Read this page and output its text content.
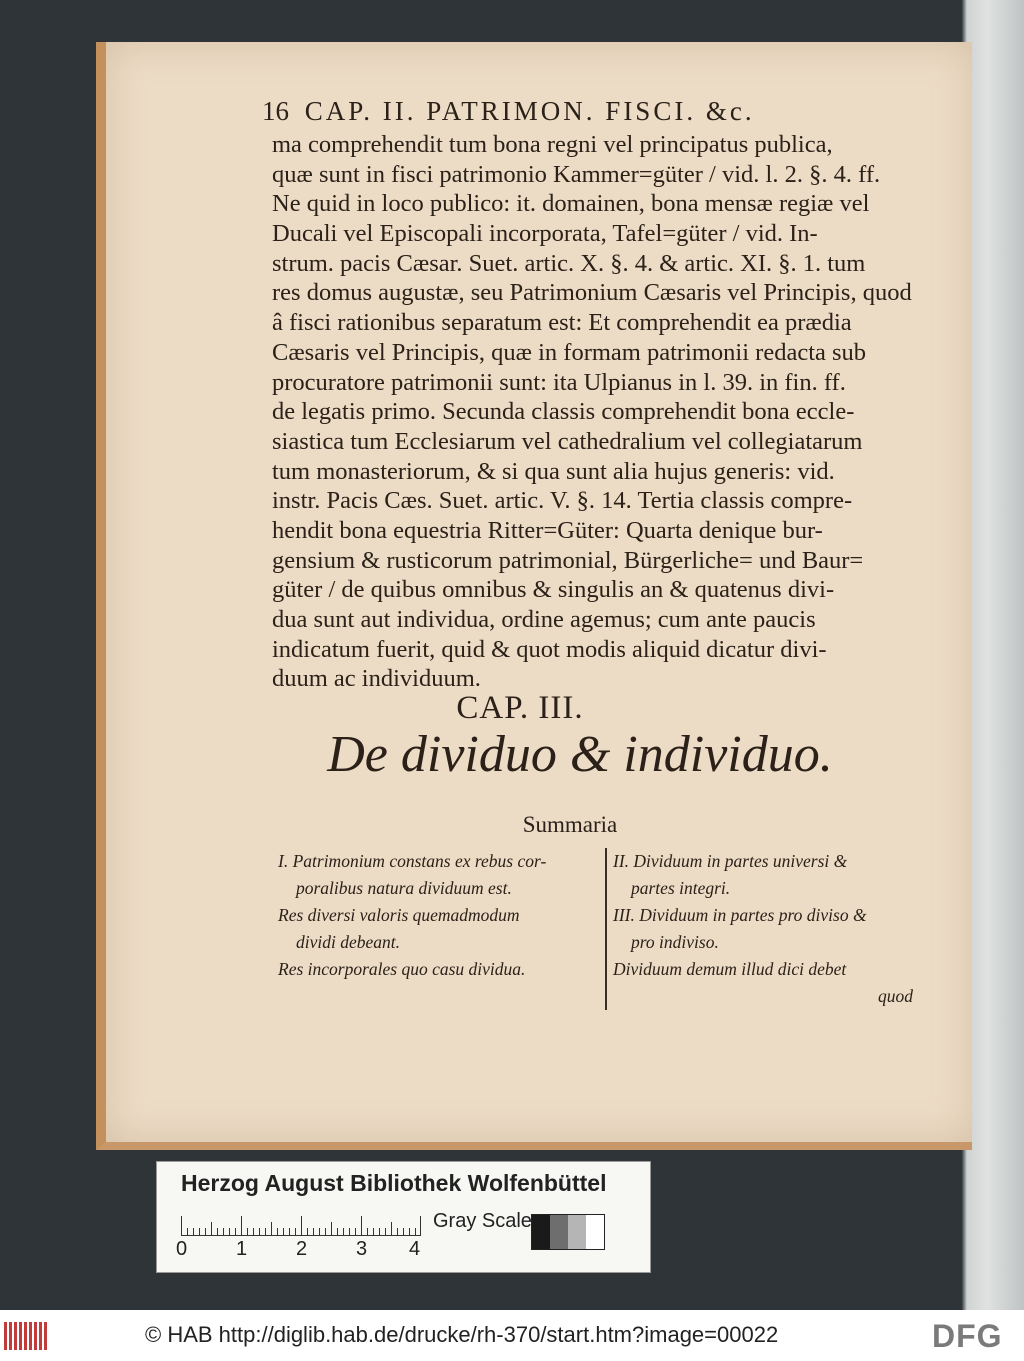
16 CAP. II. PATRIMON. FISCI. &c.
ma comprehendit tum bona regni vel principatus publica,
quæ sunt in fisci patrimonio Kammer=güter / vid. l. 2. §. 4. ff.
Ne quid in loco publico: it. domainen, bona mensæ regiæ vel
Ducali vel Episcopali incorporata, Tafel=güter / vid. In-
strum. pacis Cæsar. Suet. artic. X. §. 4. & artic. XI. §. 1. tum
res domus augustæ, seu Patrimonium Cæsaris vel Principis, quod
â fisci rationibus separatum est: Et comprehendit ea prædia
Cæsaris vel Principis, quæ in formam patrimonii redacta sub
procuratore patrimonii sunt: ita Ulpianus in l. 39. in fin. ff.
de legatis primo. Secunda classis comprehendit bona eccle-
siastica tum Ecclesiarum vel cathedralium vel collegiatarum
tum monasteriorum, & si qua sunt alia hujus generis: vid.
instr. Pacis Cæs. Suet. artic. V. §. 14. Tertia classis compre-
hendit bona equestria Ritter=Güter: Quarta denique bur-
gensium & rusticorum patrimonial, Bürgerliche= und Baur=
güter / de quibus omnibus & singulis an & quatenus divi-
dua sunt aut individua, ordine agemus; cum ante paucis
indicatum fuerit, quid & quot modis aliquid dicatur divi-
duum ac individuum.
CAP. III.
De dividuo & individuo.
Summaria
I. Patrimonium constans ex rebus cor-
poralibus natura dividuum est.
Res diversi valoris quemadmodum
dividi debeant.
Res incorporales quo casu dividua.
II. Dividuum in partes universi &
partes integri.
III. Dividuum in partes pro diviso &
pro indiviso.
Dividuum demum illud dici debet
quod
Herzog August Bibliothek Wolfenbüttel
0 1 2 3 4
Gray Scale
© HAB http://diglib.hab.de/drucke/rh-370/start.htm?image=00022	DFG
